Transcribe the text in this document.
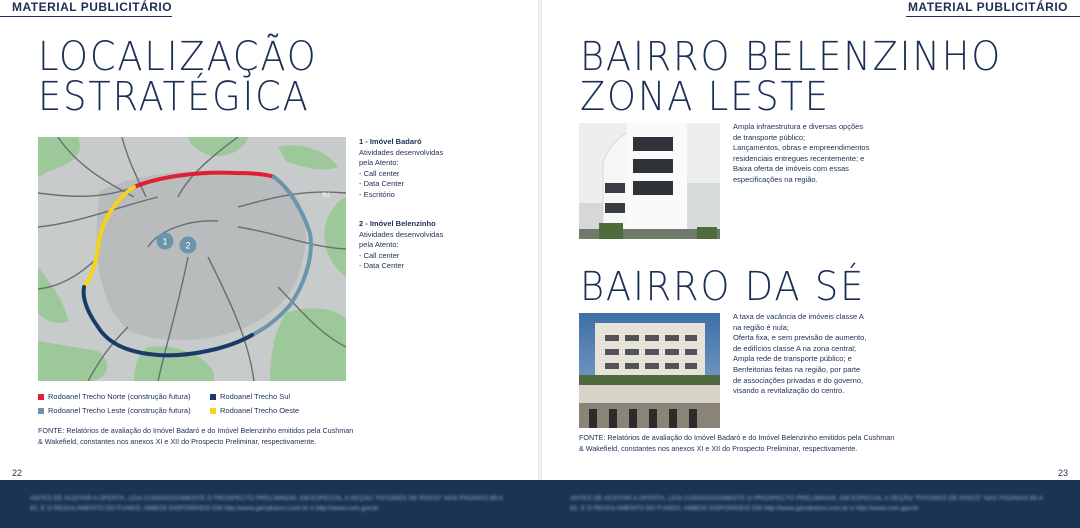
MATERIAL PUBLICITÁRIO	MATERIAL PUBLICITÁRIO
LOCALIZAÇÃO
ESTRATÉGICA
1 2
RJ
1 - Imóvel Badaró
Atividades desenvolvidas
pela Atento:
- Call center
- Data Center
- Escritório
2 - Imóvel Belenzinho
Atividades desenvolvidas
pela Atento:
- Call center
- Data Center
Rodoanel Trecho Norte (construção futura)	Rodoanel Trecho Sul
Rodoanel Trecho Leste (construção futura)	Rodoanel Trecho Oeste
FONTE: Relatórios de avaliação do Imóvel Badaró e do Imóvel Belenzinho emitidos pela Cushman
& Wakefield, constantes nos anexos XI e XII do Prospecto Preliminar, respectivamente.
22
BAIRRO BELENZINHO
ZONA LESTE
Ampla infraestrutura e diversas opções
de transporte público;
Lançamentos, obras e empreendimentos
residenciais entregues recentemente; e
Baixa oferta de imóveis com essas
especificações na região.
BAIRRO DA SÉ
A taxa de vacância de imóveis classe A
na região é nula;
Oferta fixa, e sem previsão de aumento,
de edifícios classe A na zona central;
Ampla rede de transporte público; e
Benfeitorias feitas na região, por parte
de associações privadas e do governo,
visando a revitalização do centro.
FONTE: Relatórios de avaliação do Imóvel Badaró e do Imóvel Belenzinho emitidos pela Cushman
& Wakefield, constantes nos anexos XI e XII do Prospecto Preliminar, respectivamente.
23
ANTES DE ACEITAR A OFERTA, LEIA CUIDADOSAMENTE O PROSPECTO PRELIMINAR, EM ESPECIAL A SEÇÃO "FATORES DE RISCO" NAS PÁGINAS 69 A 82, E O REGULAMENTO DO FUNDO, AMBOS DISPONÍVEIS EM http://www.genafuturo.com.br e http://www.cvm.gov.br
ANTES DE ACEITAR A OFERTA, LEIA CUIDADOSAMENTE O PROSPECTO PRELIMINAR, EM ESPECIAL A SEÇÃO "FATORES DE RISCO" NAS PÁGINAS 69 A 82, E O REGULAMENTO DO FUNDO, AMBOS DISPONÍVEIS EM http://www.genafuturo.com.br e http://www.cvm.gov.br
